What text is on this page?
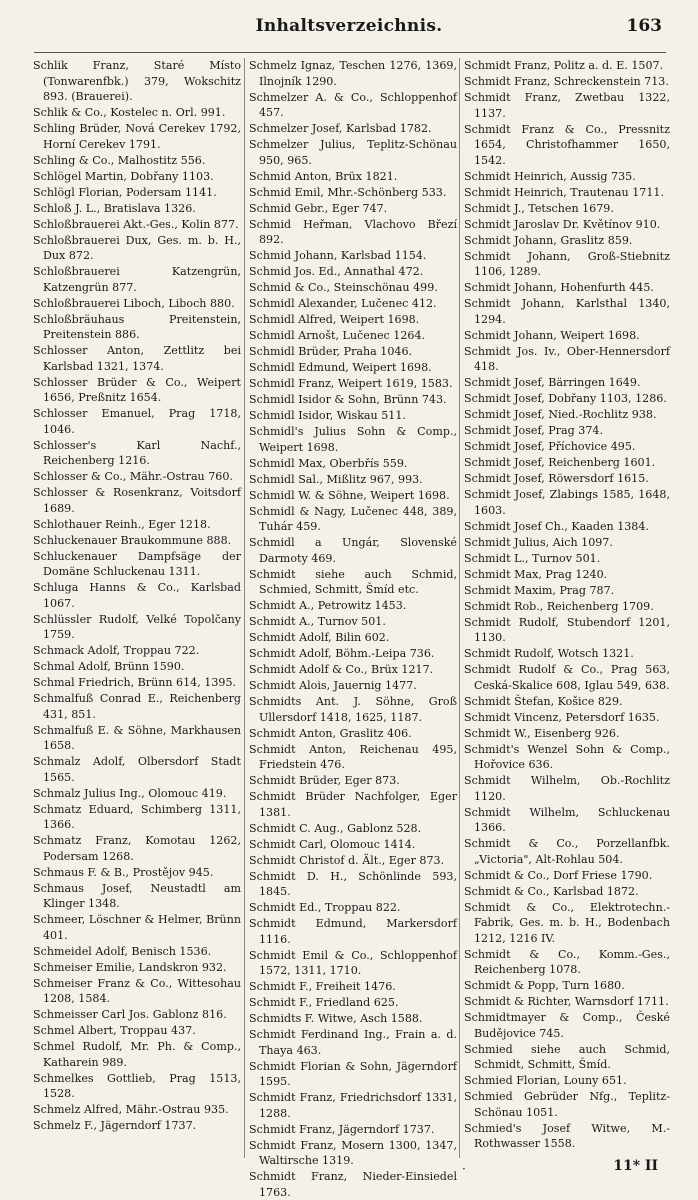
Inhaltsverzeichnis.	163
Schlik Franz, Staré Místo (Tonwarenfbk.) 379, Wokschitz 893. (Brauerei).
Schlik & Co., Kostelec n. Orl. 991.
Schling Brüder, Nová Cerekev 1792, Horní Cerekev 1791.
Schling & Co., Malhostitz 556.
Schlögel Martin, Dobřany 1103.
Schlögl Florian, Podersam 1141.
Schloß J. L., Bratislava 1326.
Schloßbrauerei Akt.-Ges., Kolin 877.
Schloßbrauerei Dux, Ges. m. b. H., Dux 872.
Schloßbrauerei Katzengrün, Katzengrün 877.
Schloßbrauerei Liboch, Liboch 880.
Schloßbräuhaus Preitenstein, Preitenstein 886.
Schlosser Anton, Zettlitz bei Karlsbad 1321, 1374.
Schlosser Brüder & Co., Weipert 1656, Preßnitz 1654.
Schlosser Emanuel, Prag 1718, 1046.
Schlosser's Karl Nachf., Reichenberg 1216.
Schlosser & Co., Mähr.-Ostrau 760.
Schlosser & Rosenkranz, Voitsdorf 1689.
Schlothauer Reinh., Eger 1218.
Schluckenauer Braukommune 888.
Schluckenauer Dampfsäge der Domäne Schluckenau 1311.
Schluga Hanns & Co., Karlsbad 1067.
Schlüssler Rudolf, Velké Topolčany 1759.
Schmack Adolf, Troppau 722.
Schmal Adolf, Brünn 1590.
Schmal Friedrich, Brünn 614, 1395.
Schmalfuß Conrad E., Reichenberg 431, 851.
Schmalfuß E. & Söhne, Markhausen 1658.
Schmalz Adolf, Olbersdorf Stadt 1565.
Schmalz Julius Ing., Olomouc 419.
Schmatz Eduard, Schimberg 1311, 1366.
Schmatz Franz, Komotau 1262, Podersam 1268.
Schmaus F. & B., Prostějov 945.
Schmaus Josef, Neustadtl am Klinger 1348.
Schmeer, Löschner & Helmer, Brünn 401.
Schmeidel Adolf, Benisch 1536.
Schmeiser Emilie, Landskron 932.
Schmeiser Franz & Co., Wittesohau 1208, 1584.
Schmeisser Carl Jos. Gablonz 816.
Schmel Albert, Troppau 437.
Schmel Rudolf, Mr. Ph. & Comp., Katharein 989.
Schmelkes Gottlieb, Prag 1513, 1528.
Schmelz Alfred, Mähr.-Ostrau 935.
Schmelz F., Jägerndorf 1737.
Schmelz Ignaz, Teschen 1276, 1369, Ilnojník 1290.
Schmelzer A. & Co., Schloppenhof 457.
Schmelzer Josef, Karlsbad 1782.
Schmelzer Julius, Teplitz-Schönau 950, 965.
Schmid Anton, Brüx 1821.
Schmid Emil, Mhr.-Schönberg 533.
Schmid Gebr., Eger 747.
Schmid Heřman, Vlachovo Březí 892.
Schmid Johann, Karlsbad 1154.
Schmid Jos. Ed., Annathal 472.
Schmid & Co., Steinschönau 499.
Schmidl Alexander, Lučenec 412.
Schmidl Alfred, Weipert 1698.
Schmidl Arnošt, Lučenec 1264.
Schmidl Brüder, Praha 1046.
Schmidl Edmund, Weipert 1698.
Schmidl Franz, Weipert 1619, 1583.
Schmidl Isidor & Sohn, Brünn 743.
Schmidl Isidor, Wiskau 511.
Schmidl's Julius Sohn & Comp., Weipert 1698.
Schmidl Max, Oberbřís 559.
Schmidl Sal., Mißlitz 967, 993.
Schmidl W. & Söhne, Weipert 1698.
Schmidl & Nagy, Lučenec 448, 389, Tuhár 459.
Schmidl a Ungár, Slovenské Darmoty 469.
Schmidt siehe auch Schmid, Schmied, Schmitt, Šmíd etc.
Schmidt A., Petrowitz 1453.
Schmidt A., Turnov 501.
Schmidt Adolf, Bilin 602.
Schmidt Adolf, Böhm.-Leipa 736.
Schmidt Adolf & Co., Brüx 1217.
Schmidt Alois, Jauernig 1477.
Schmidts Ant. J. Söhne, Groß Ullersdorf 1418, 1625, 1187.
Schmidt Anton, Graslitz 406.
Schmidt Anton, Reichenau 495, Friedstein 476.
Schmidt Brüder, Eger 873.
Schmidt Brüder Nachfolger, Eger 1381.
Schmidt C. Aug., Gablonz 528.
Schmidt Carl, Olomouc 1414.
Schmidt Christof d. Ält., Eger 873.
Schmidt D. H., Schönlinde 593, 1845.
Schmidt Ed., Troppau 822.
Schmidt Edmund, Markersdorf 1116.
Schmidt Emil & Co., Schloppenhof 1572, 1311, 1710.
Schmidt F., Freiheit 1476.
Schmidt F., Friedland 625.
Schmidts F. Witwe, Asch 1588.
Schmidt Ferdinand Ing., Frain a. d. Thaya 463.
Schmidt Florian & Sohn, Jägerndorf 1595.
Schmidt Franz, Friedrichsdorf 1331, 1288.
Schmidt Franz, Jägerndorf 1737.
Schmidt Franz, Mosern 1300, 1347, Waltirsche 1319.
Schmidt Franz, Nieder-Einsiedel 1763.
Schmidt Franz, Politz a. d. E. 1507.
Schmidt Franz, Schreckenstein 713.
Schmidt Franz, Zwetbau 1322, 1137.
Schmidt Franz & Co., Pressnitz 1654, Christofhammer 1650, 1542.
Schmidt Heinrich, Aussig 735.
Schmidt Heinrich, Trautenau 1711.
Schmidt J., Tetschen 1679.
Schmidt Jaroslav Dr. Květínov 910.
Schmidt Johann, Graslitz 859.
Schmidt Johann, Groß-Stiebnitz 1106, 1289.
Schmidt Johann, Hohenfurth 445.
Schmidt Johann, Karlsthal 1340, 1294.
Schmidt Johann, Weipert 1698.
Schmidt Jos. Iv., Ober-Hennersdorf 418.
Schmidt Josef, Bärringen 1649.
Schmidt Josef, Dobřany 1103, 1286.
Schmidt Josef, Nied.-Rochlitz 938.
Schmidt Josef, Prag 374.
Schmidt Josef, Příchovice 495.
Schmidt Josef, Reichenberg 1601.
Schmidt Josef, Röwersdorf 1615.
Schmidt Josef, Zlabings 1585, 1648, 1603.
Schmidt Josef Ch., Kaaden 1384.
Schmidt Julius, Aich 1097.
Schmidt L., Turnov 501.
Schmidt Max, Prag 1240.
Schmidt Maxim, Prag 787.
Schmidt Rob., Reichenberg 1709.
Schmidt Rudolf, Stubendorf 1201, 1130.
Schmidt Rudolf, Wotsch 1321.
Schmidt Rudolf & Co., Prag 563, Ceská-Skalice 608, Iglau 549, 638.
Schmidt Štefan, Košice 829.
Schmidt Vincenz, Petersdorf 1635.
Schmidt W., Eisenberg 926.
Schmidt's Wenzel Sohn & Comp., Hořovice 636.
Schmidt Wilhelm, Ob.-Rochlitz 1120.
Schmidt Wilhelm, Schluckenau 1366.
Schmidt & Co., Porzellanfbk. „Victoria", Alt-Rohlau 504.
Schmidt & Co., Dorf Friese 1790.
Schmidt & Co., Karlsbad 1872.
Schmidt & Co., Elektrotechn.-Fabrik, Ges. m. b. H., Bodenbach 1212, 1216 IV.
Schmidt & Co., Komm.-Ges., Reichenberg 1078.
Schmidt & Popp, Turn 1680.
Schmidt & Richter, Warnsdorf 1711.
Schmidtmayer & Comp., České Budějovice 745.
Schmied siehe auch Schmid, Schmidt, Schmitt, Šmíd.
Schmied Florian, Louny 651.
Schmied Gebrüder Nfg., Teplitz-Schönau 1051.
Schmied's Josef Witwe, M.-Rothwasser 1558.
·	11* II
